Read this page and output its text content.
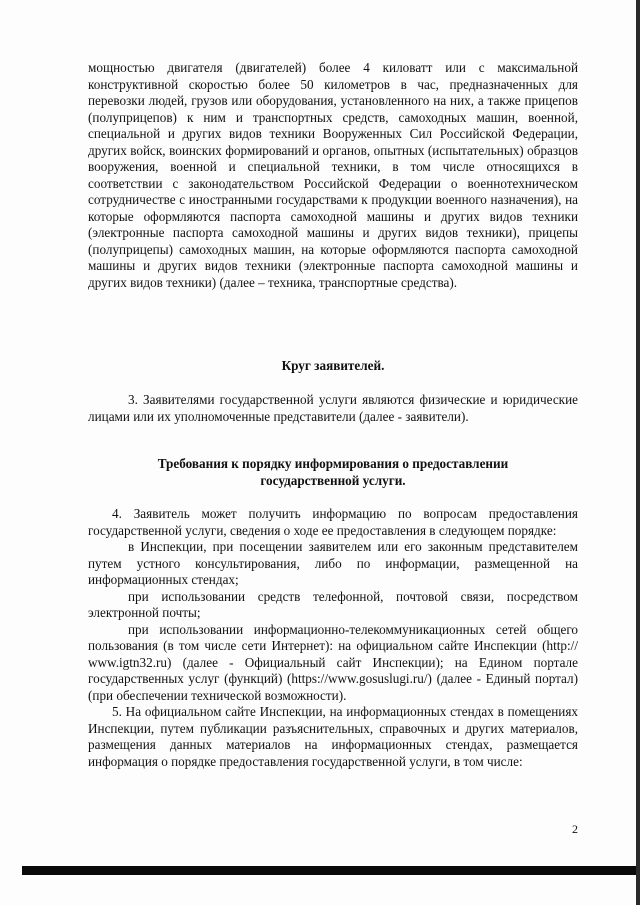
мощностью двигателя (двигателей) более 4 киловатт или с максимальной конструктивной скоростью более 50 километров в час, предназначенных для перевозки людей, грузов или оборудования, установленного на них, а также прицепов (полуприцепов) к ним и транспортных средств, самоходных машин, военной, специальной и других видов техники Вооруженных Сил Российской Федерации, других войск, воинских формирований и органов, опытных (испытательных) образцов вооружения, военной и специальной техники, в том числе относящихся в соответствии с законодательством Российской Федерации о военнотехническом сотрудничестве с иностранными государствами к продукции военного назначения), на которые оформляются паспорта самоходной машины и других видов техники (электронные паспорта самоходной машины и других видов техники), прицепы (полуприцепы) самоходных машин, на которые оформляются паспорта самоходной машины и других видов техники (электронные паспорта самоходной машины и других видов техники) (далее – техника, транспортные средства).

Круг заявителей.

3. Заявителями государственной услуги являются физические и юридические лицами или их уполномоченные представители (далее - заявители).

Требования к порядку информирования о предоставлении
государственной услуги.

4. Заявитель может получить информацию по вопросам предоставления государственной услуги, сведения о ходе ее предоставления в следующем порядке:

в Инспекции, при посещении заявителем или его законным представителем путем устного консультирования, либо по информации, размещенной на информационных стендах;

при использовании средств телефонной, почтовой связи, посредством электронной почты;

при использовании информационно-телекоммуникационных сетей общего пользования (в том числе сети Интернет): на официальном сайте Инспекции (http:// www.igtn32.ru) (далее - Официальный сайт Инспекции); на Едином портале государственных услуг (функций) (https://www.gosuslugi.ru/) (далее - Единый портал) (при обеспечении технической возможности).

5. На официальном сайте Инспекции, на информационных стендах в помещениях Инспекции, путем публикации разъяснительных, справочных и других материалов, размещения данных материалов на информационных стендах, размещается информация о порядке предоставления государственной услуги, в том числе:

2
